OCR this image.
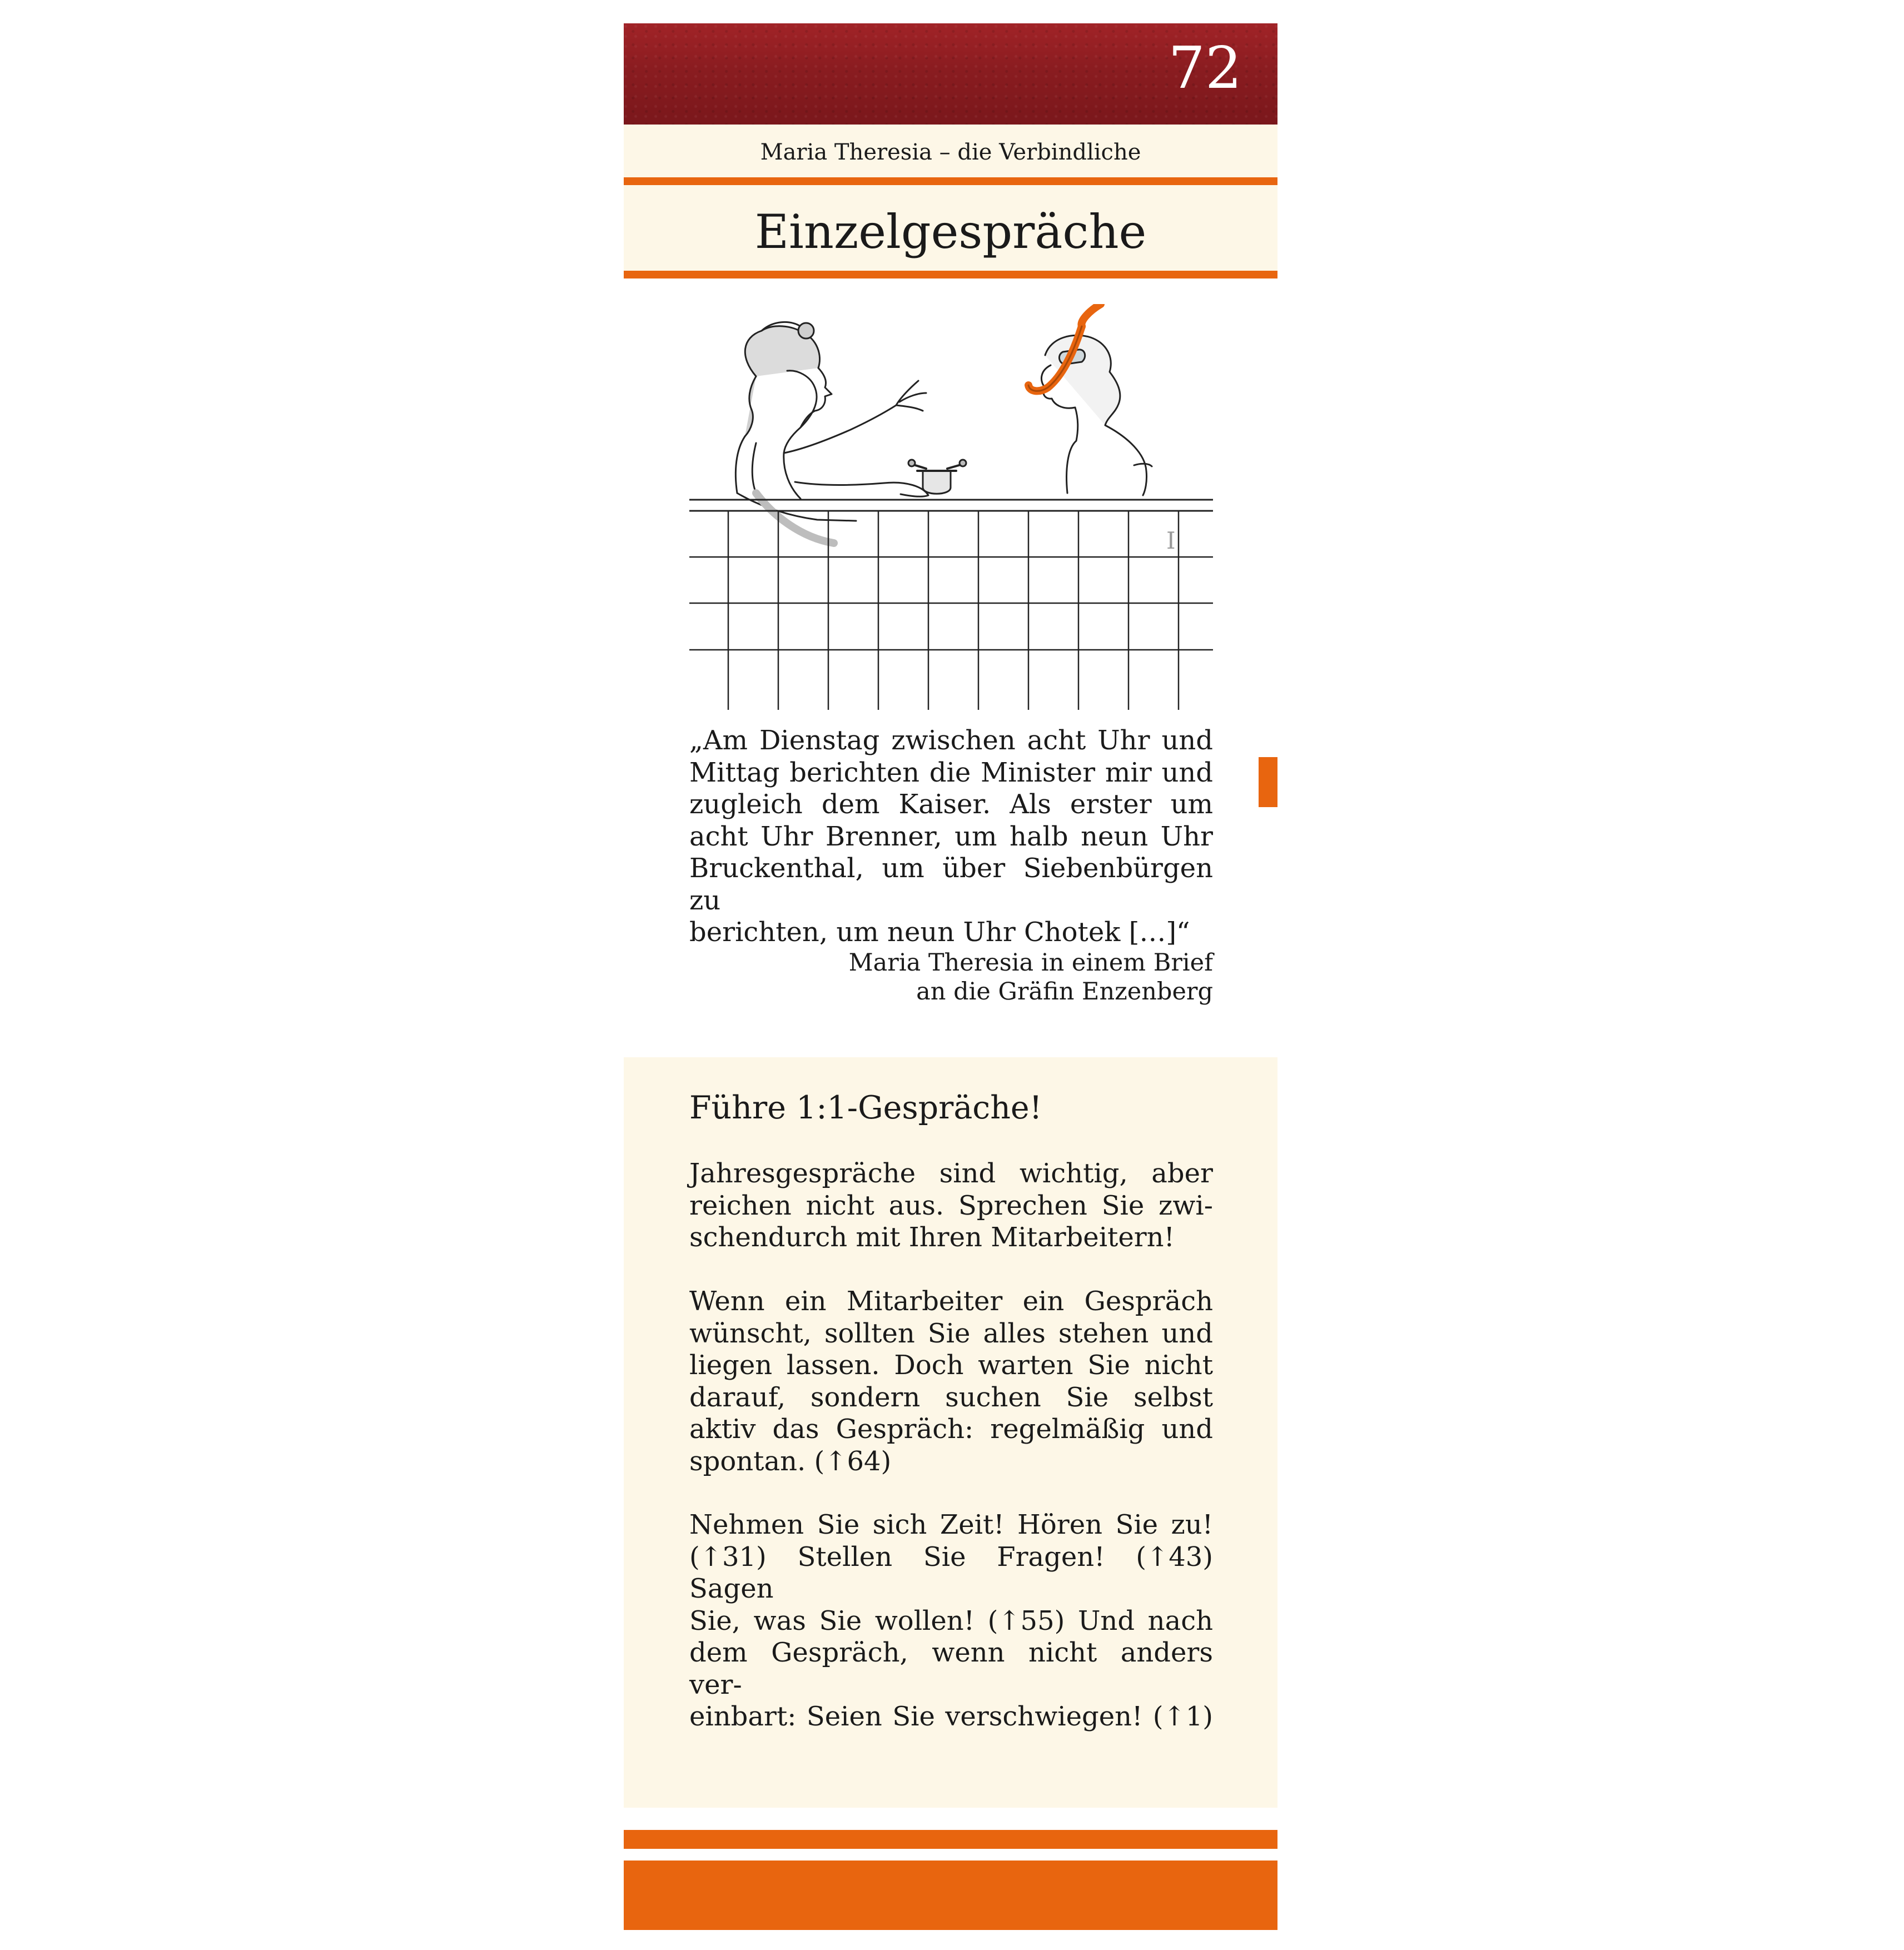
72
Maria Theresia – die Verbindliche
Einzelgespräche
I
„Am Dienstag zwischen acht Uhr und
Mittag berichten die Minister mir und
zugleich dem Kaiser. Als erster um
acht Uhr Brenner, um halb neun Uhr
Bruckenthal, um über Siebenbürgen zu
berichten, um neun Uhr Chotek […]“
Maria Theresia in einem Brief
an die Gräfin Enzenberg
Führe 1:1-Gespräche!
Jahresgespräche sind wichtig, aber
reichen nicht aus. Sprechen Sie zwi-
schendurch mit Ihren Mitarbeitern!
Wenn ein Mitarbeiter ein Gespräch
wünscht, sollten Sie alles stehen und
liegen lassen. Doch warten Sie nicht
darauf, sondern suchen Sie selbst
aktiv das Gespräch: regelmäßig und
spontan. (↑64)
Nehmen Sie sich Zeit! Hören Sie zu!
(↑31) Stellen Sie Fragen! (↑43) Sagen
Sie, was Sie wollen! (↑55) Und nach
dem Gespräch, wenn nicht anders ver-
einbart: Seien Sie verschwiegen! (↑1)
